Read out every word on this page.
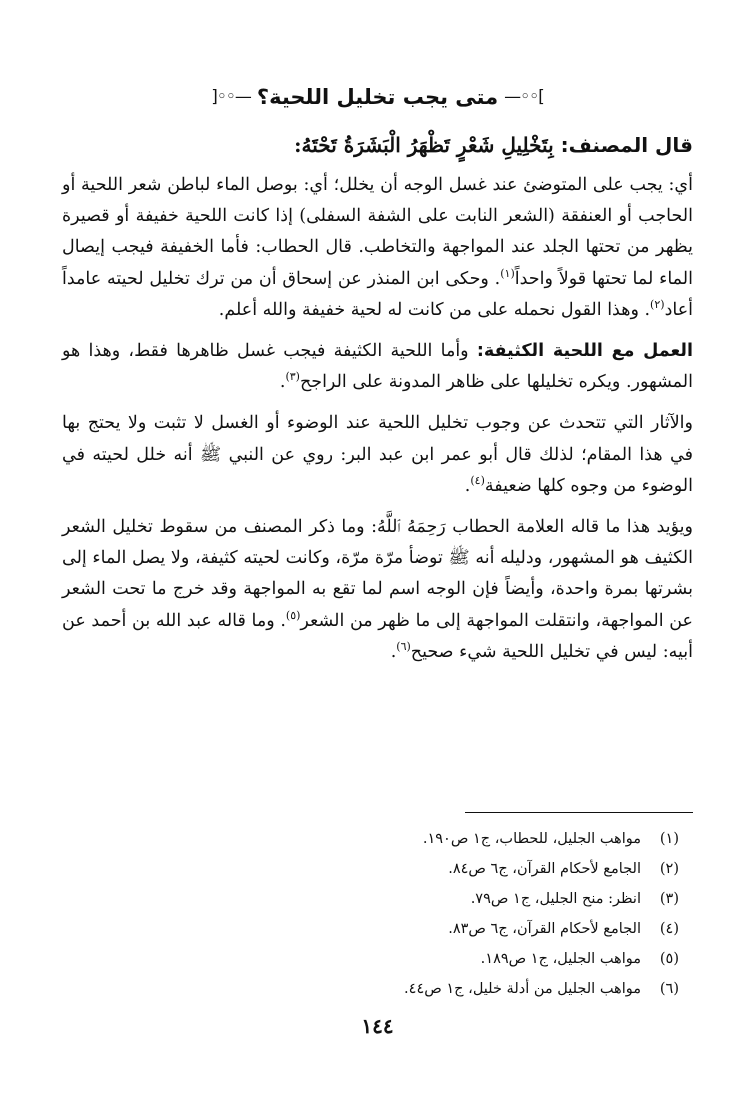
—◦◦[
متى يجب تخليل اللحية؟
]◦◦—
قال المصنف: بِتَخْلِيلِ شَعْرٍ تَظْهَرُ الْبَشَرَةُ تَحْتَهُ:

أي: يجب على المتوضئ عند غسل الوجه أن يخلل؛ أي: بوصل الماء لباطن شعر اللحية أو الحاجب أو العنفقة (الشعر النابت على الشفة السفلى) إذا كانت اللحية خفيفة أو قصيرة يظهر من تحتها الجلد عند المواجهة والتخاطب. قال الحطاب: فأما الخفيفة فيجب إيصال الماء لما تحتها قولاً واحداً$^{(١)}$. وحكى ابن المنذر عن إسحاق أن من ترك تخليل لحيته عامداً أعاد$^{(٢)}$. وهذا القول نحمله على من كانت له لحية خفيفة والله أعلم.

العمل مع اللحية الكثيفة: وأما اللحية الكثيفة فيجب غسل ظاهرها فقط، وهذا هو المشهور. ويكره تخليلها على ظاهر المدونة على الراجح$^{(٣)}$.

والآثار التي تتحدث عن وجوب تخليل اللحية عند الوضوء أو الغسل لا تثبت ولا يحتج بها في هذا المقام؛ لذلك قال أبو عمر ابن عبد البر: روي عن النبي ﷺ أنه خلل لحيته في الوضوء من وجوه كلها ضعيفة$^{(٤)}$.

ويؤيد هذا ما قاله العلامة الحطاب رَحِمَهُ ٱللَّهُ: وما ذكر المصنف من سقوط تخليل الشعر الكثيف هو المشهور، ودليله أنه ﷺ توضأ مرّة مرّة، وكانت لحيته كثيفة، ولا يصل الماء إلى بشرتها بمرة واحدة، وأيضاً فإن الوجه اسم لما تقع به المواجهة وقد خرج ما تحت الشعر عن المواجهة، وانتقلت المواجهة إلى ما ظهر من الشعر$^{(٥)}$. وما قاله عبد الله بن أحمد عن أبيه: ليس في تخليل اللحية شيء صحيح$^{(٦)}$.

(١)
مواهب الجليل، للحطاب، ج١ ص١٩٠.
(٢)
الجامع لأحكام القرآن، ج٦ ص٨٤.
(٣)
انظر: منح الجليل، ج١ ص٧٩.
(٤)
الجامع لأحكام القرآن، ج٦ ص٨٣.
(٥)
مواهب الجليل، ج١ ص١٨٩.
(٦)
مواهب الجليل من أدلة خليل، ج١ ص٤٤.
١٤٤
